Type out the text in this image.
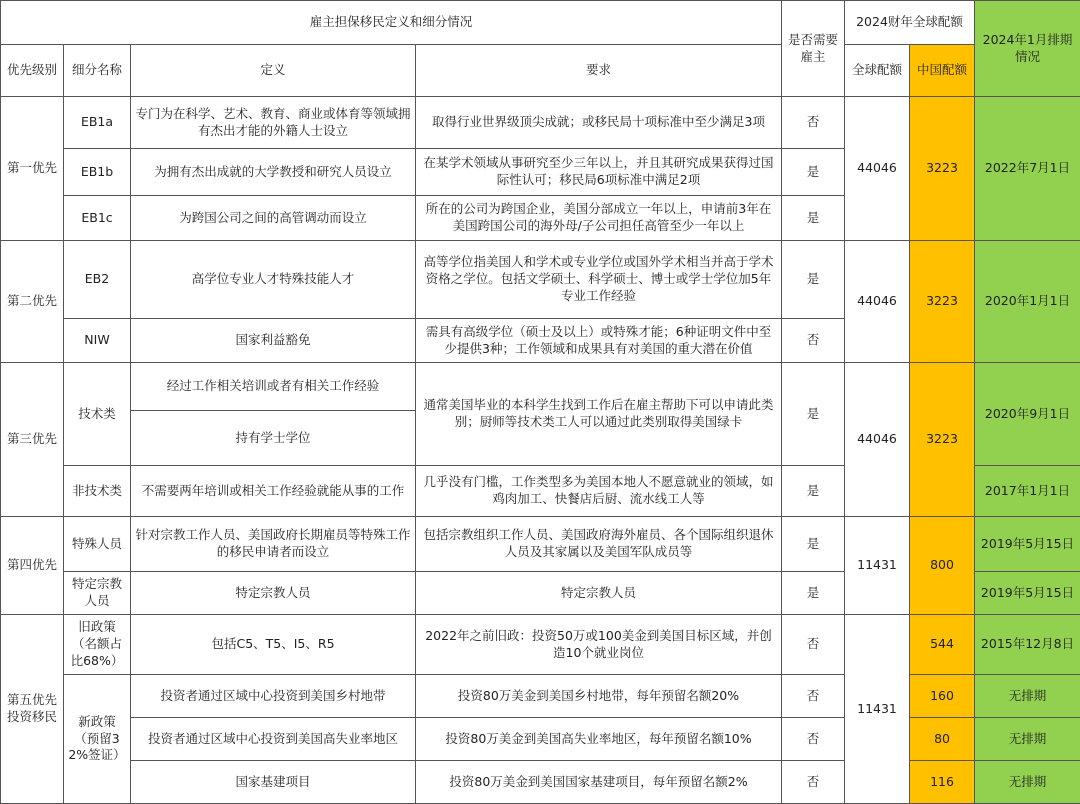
雇主担保移民定义和细分情况				是否需要雇主	2024财年全球配额		2024年1月排期情况
优先级别	细分名称	定义	要求		全球配额	中国配额	
第一优先	EB1a	专门为在科学、艺术、教育、商业或体育等领域拥有杰出才能的外籍人士设立	取得行业世界级顶尖成就；或移民局十项标准中至少满足3项	否	44046	3223	2022年7月1日
	EB1b	为拥有杰出成就的大学教授和研究人员设立	在某学术领域从事研究至少三年以上，并且其研究成果获得过国际性认可；移民局6项标准中满足2项	是			
	EB1c	为跨国公司之间的高管调动而设立	所在的公司为跨国企业，美国分部成立一年以上，申请前3年在美国跨国公司的海外母/子公司担任高管至少一年以上	是			
第二优先	EB2	高学位专业人才特殊技能人才	高等学位指美国人和学术或专业学位或国外学术相当并高于学术资格之学位。包括文学硕士、科学硕士、博士或学士学位加5年专业工作经验	是	44046	3223	2020年1月1日
	NIW	国家利益豁免	需具有高级学位（硕士及以上）或特殊才能；6种证明文件中至少提供3种；工作领域和成果具有对美国的重大潜在价值	否			
第三优先	技术类	经过工作相关培训或者有相关工作经验	通常美国毕业的本科学生找到工作后在雇主帮助下可以申请此类别；厨师等技术类工人可以通过此类别取得美国绿卡	是	44046	3223	2020年9月1日
		持有学士学位					
	非技术类	不需要两年培训或相关工作经验就能从事的工作	几乎没有门槛，工作类型多为美国本地人不愿意就业的领域，如鸡肉加工、快餐店后厨、流水线工人等	是			2017年1月1日
第四优先	特殊人员	针对宗教工作人员、美国政府长期雇员等特殊工作的移民申请者而设立	包括宗教组织工作人员、美国政府海外雇员、各个国际组织退休人员及其家属以及美国军队成员等	是	11431	800	2019年5月15日
	特定宗教人员	特定宗教人员	特定宗教人员	是			2019年5月15日
第五优先投资移民	旧政策（名额占比68%）	包括C5、T5、I5、R5	2022年之前旧政：投资50万或100美金到美国目标区域，并创造10个就业岗位	否	11431	544	2015年12月8日
	新政策（预留32%签证）	投资者通过区域中心投资到美国乡村地带	投资80万美金到美国乡村地带，每年预留名额20%	否		160	无排期
		投资者通过区域中心投资到美国高失业率地区	投资80万美金到美国高失业率地区，每年预留名额10%	否		80	无排期
		国家基建项目	投资80万美金到美国国家基建项目，每年预留名额2%	否		116	无排期
